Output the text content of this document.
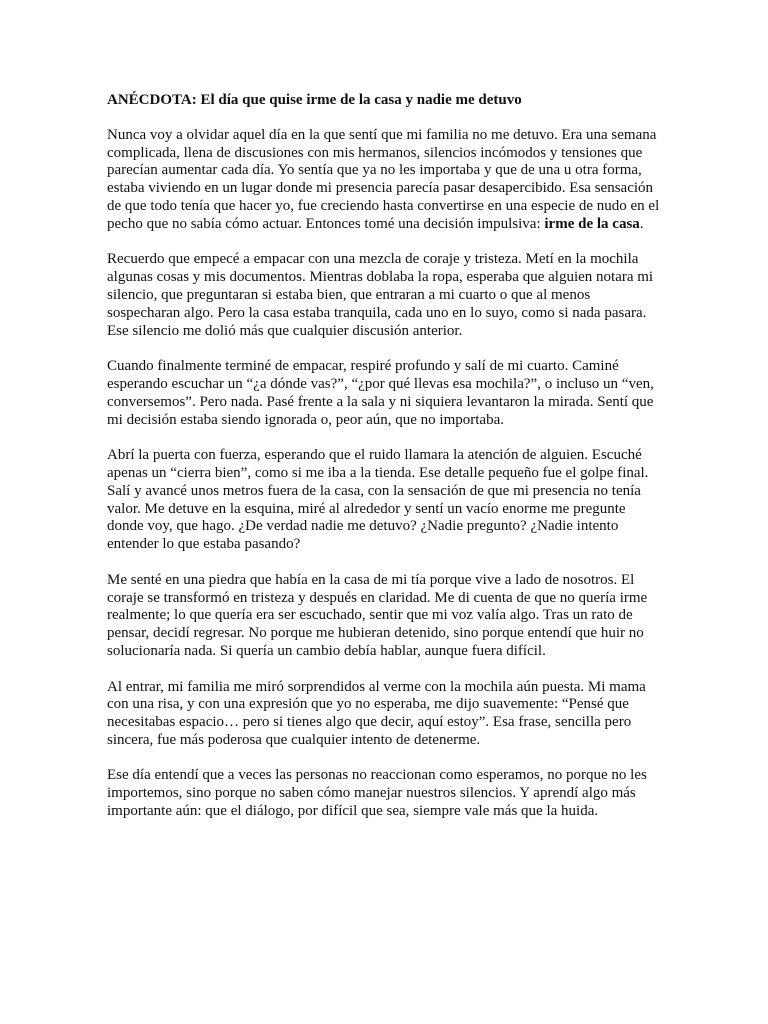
ANÉCDOTA: El día que quise irme de la casa y nadie me detuvo

Nunca voy a olvidar aquel día en la que sentí que mi familia no me detuvo. Era una semana complicada, llena de discusiones con mis hermanos, silencios incómodos y tensiones que parecían aumentar cada día. Yo sentía que ya no les importaba y que de una u otra forma, estaba viviendo en un lugar donde mi presencia parecía pasar desapercibido. Esa sensación de que todo tenía que hacer yo, fue creciendo hasta convertirse en una especie de nudo en el pecho que no sabía cómo actuar. Entonces tomé una decisión impulsiva: irme de la casa.

Recuerdo que empecé a empacar con una mezcla de coraje y tristeza. Metí en la mochila algunas cosas y mis documentos. Mientras doblaba la ropa, esperaba que alguien notara mi silencio, que preguntaran si estaba bien, que entraran a mi cuarto o que al menos sospecharan algo. Pero la casa estaba tranquila, cada uno en lo suyo, como si nada pasara. Ese silencio me dolió más que cualquier discusión anterior.

Cuando finalmente terminé de empacar, respiré profundo y salí de mi cuarto. Caminé esperando escuchar un “¿a dónde vas?”, “¿por qué llevas esa mochila?”, o incluso un “ven, conversemos”. Pero nada. Pasé frente a la sala y ni siquiera levantaron la mirada. Sentí que mi decisión estaba siendo ignorada o, peor aún, que no importaba.

Abrí la puerta con fuerza, esperando que el ruido llamara la atención de alguien. Escuché apenas un “cierra bien”, como si me iba a la tienda. Ese detalle pequeño fue el golpe final. Salí y avancé unos metros fuera de la casa, con la sensación de que mi presencia no tenía valor. Me detuve en la esquina, miré al alrededor y sentí un vacío enorme me pregunte donde voy, que hago. ¿De verdad nadie me detuvo? ¿Nadie pregunto? ¿Nadie intento entender lo que estaba pasando?

Me senté en una piedra que había en la casa de mi tía porque vive a lado de nosotros. El coraje se transformó en tristeza y después en claridad. Me di cuenta de que no quería irme realmente; lo que quería era ser escuchado, sentir que mi voz valía algo. Tras un rato de pensar, decidí regresar. No porque me hubieran detenido, sino porque entendí que huir no solucionaría nada. Si quería un cambio debía hablar, aunque fuera difícil.

Al entrar, mi familia me miró sorprendidos al verme con la mochila aún puesta. Mi mama con una risa, y con una expresión que yo no esperaba, me dijo suavemente: “Pensé que necesitabas espacio… pero si tienes algo que decir, aquí estoy”. Esa frase, sencilla pero sincera, fue más poderosa que cualquier intento de detenerme.

Ese día entendí que a veces las personas no reaccionan como esperamos, no porque no les importemos, sino porque no saben cómo manejar nuestros silencios. Y aprendí algo más importante aún: que el diálogo, por difícil que sea, siempre vale más que la huida.
